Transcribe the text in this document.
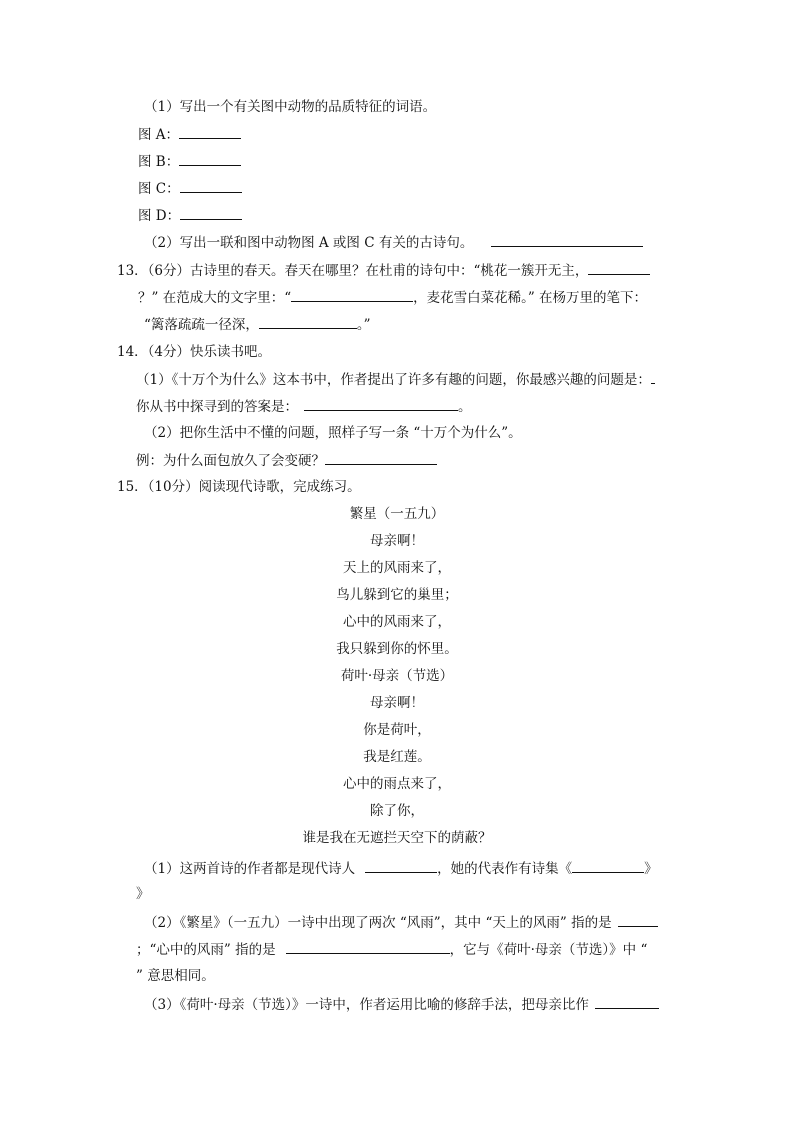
（1）写出一个有关图中动物的品质特征的词语。
图 A：
图 B：
图 C：
图 D：
（2）写出一联和图中动物图 A 或图 C 有关的古诗句。
13．（6分）古诗里的春天。春天在哪里？在杜甫的诗句中：“桃花一簇开无主，
？” 在范成大的文字里：“	，麦花雪白菜花稀。” 在杨万里的笔下：
“篱落疏疏一径深，	。”
14．（4分）快乐读书吧。
（1）《十万个为什么》这本书中，作者提出了许多有趣的问题，你最感兴趣的问题是：
你从书中探寻到的答案是：	。
（2）把你生活中不懂的问题，照样子写一条 “十万个为什么”。
例：为什么面包放久了会变硬？
15．（10分）阅读现代诗歌，完成练习。
繁星（一五九）
母亲啊！
天上的风雨来了，
鸟儿躲到它的巢里；
心中的风雨来了，
我只躲到你的怀里。
荷叶·母亲（节选）
母亲啊！
你是荷叶，
我是红莲。
心中的雨点来了，
除了你，
谁是我在无遮拦天空下的荫蔽？
（1）这两首诗的作者都是现代诗人	，她的代表作有诗集《	》
》
（2）《繁星》（一五九）一诗中出现了两次 “风雨”，其中 “天上的风雨” 指的是
；“心中的风雨” 指的是	，它与《荷叶·母亲（节选）》中 “
” 意思相同。
（3）《荷叶·母亲（节选）》一诗中，作者运用比喻的修辞手法，把母亲比作
